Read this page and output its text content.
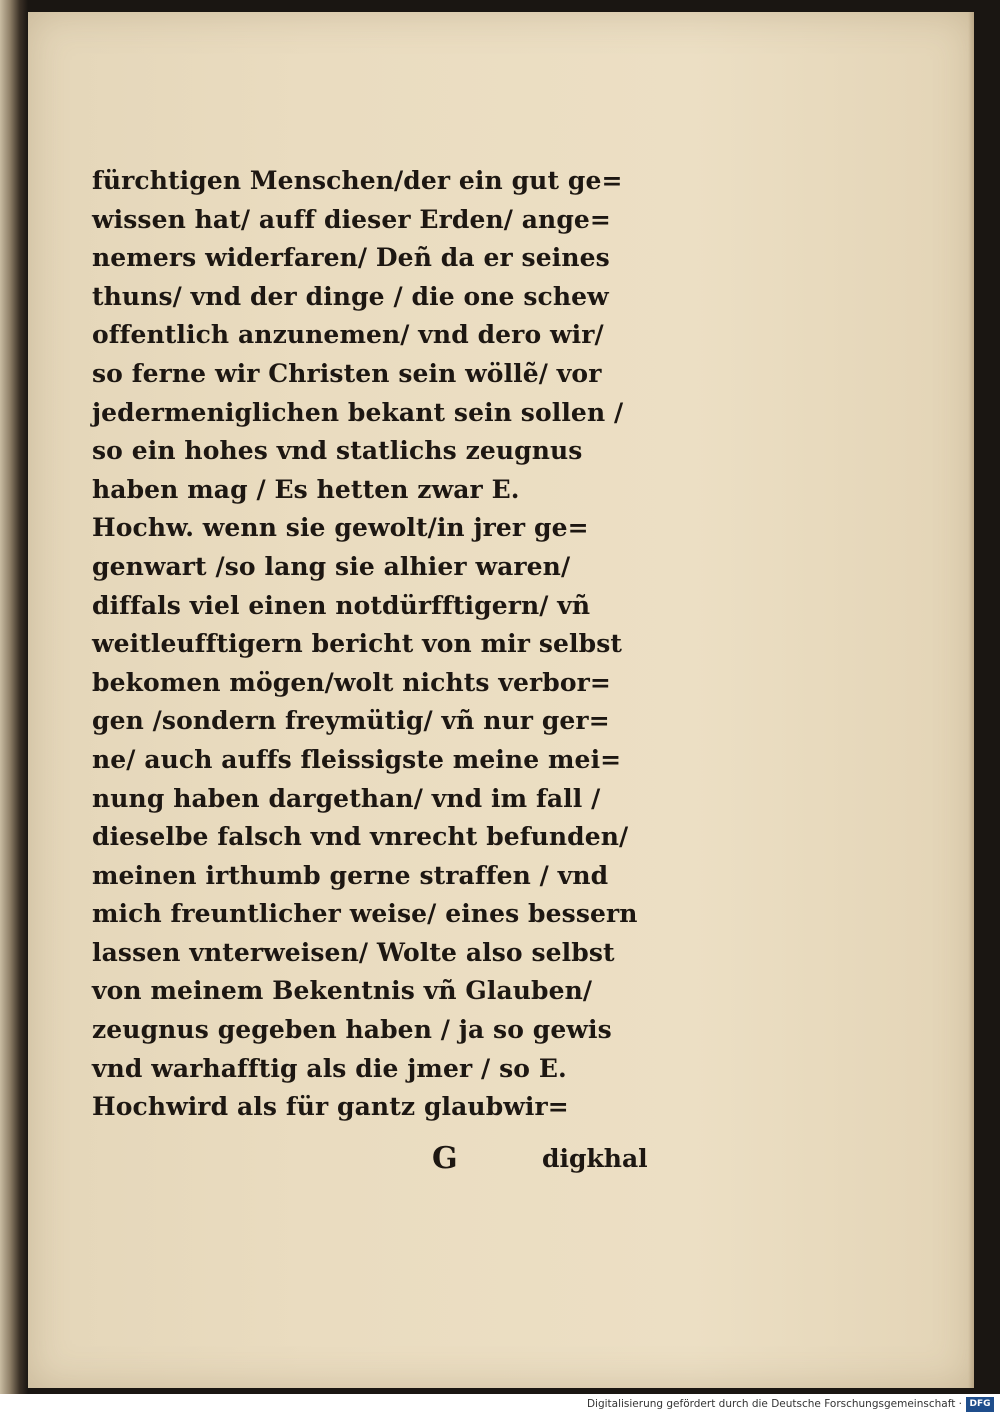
fürchtigen Menschen/der ein gut ge=
wissen hat/ auff dieser Erden/ ange=
nemers widerfaren/ Deñ da er seines
thuns/ vnd der dinge / die one schew
offentlich anzunemen/ vnd dero wir/
so ferne wir Christen sein wöllẽ/ vor
jedermeniglichen bekant sein sollen /
so ein hohes vnd statlichs zeugnus
haben mag / Es hetten zwar E.
Hochw. wenn sie gewolt/in jrer ge=
genwart /so lang sie alhier waren/
diffals viel einen notdürfftigern/ vñ
weitleufftigern bericht von mir selbst
bekomen mögen/wolt nichts verbor=
gen /sondern freymütig/ vñ nur ger=
ne/ auch auffs fleissigste meine mei=
nung haben dargethan/ vnd im fall /
dieselbe falsch vnd vnrecht befunden/
meinen irthumb gerne straffen / vnd
mich freuntlicher weise/ eines bessern
lassen vnterweisen/ Wolte also selbst
von meinem Bekentnis vñ Glauben/
zeugnus gegeben haben / ja so gewis
vnd warhafftig als die jmer / so E.
Hochwird als für gantz glaubwir=
G	digkhal
Digitalisierung gefördert durch die Deutsche Forschungsgemeinschaft · DFG
